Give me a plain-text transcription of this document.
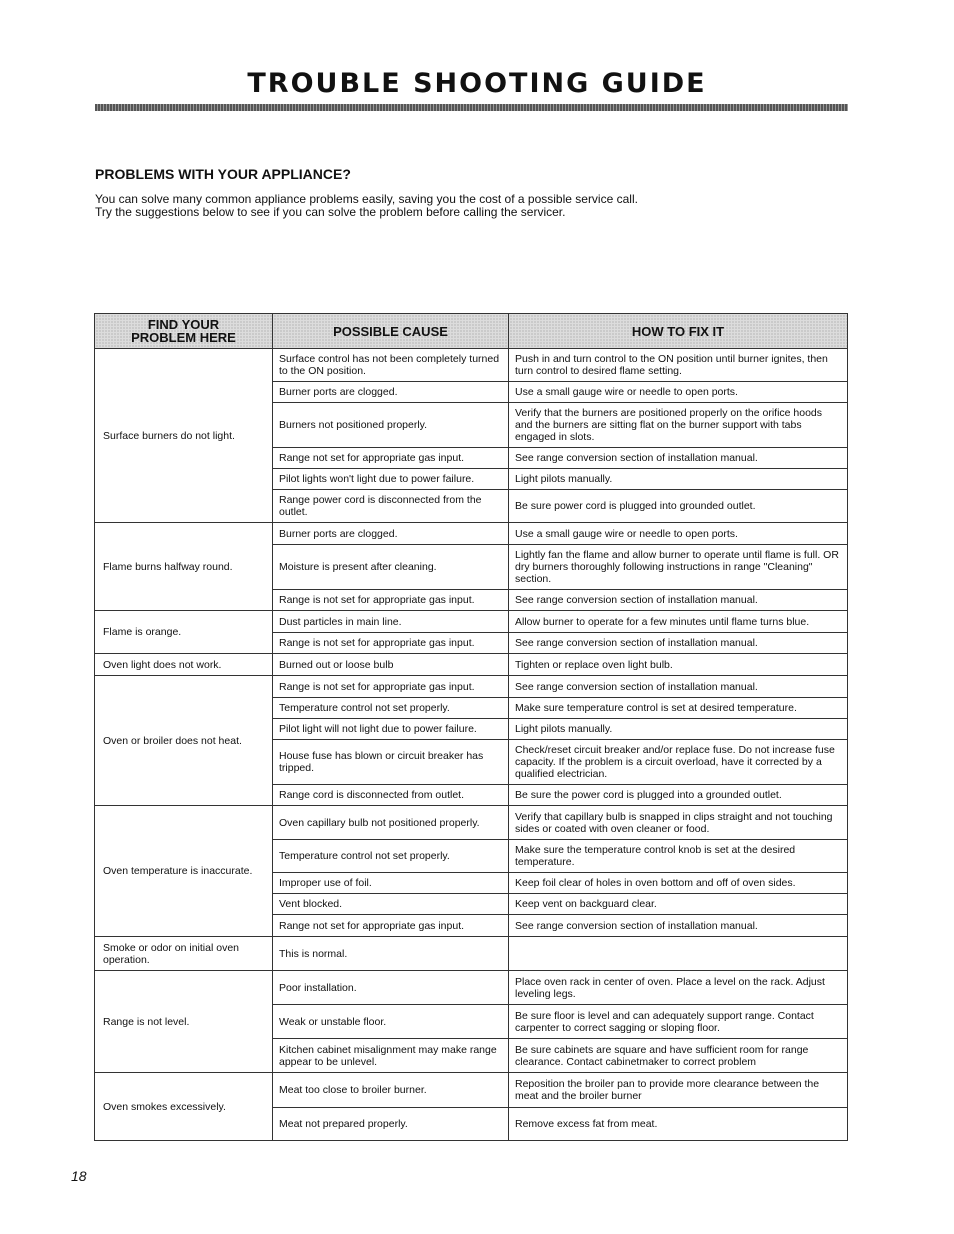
TROUBLE SHOOTING GUIDE
PROBLEMS WITH YOUR APPLIANCE?
You can solve many common appliance problems easily, saving you the cost of a possible service call.
Try the suggestions below to see if you can solve the problem before calling the servicer.
FIND YOUR PROBLEM HERE	POSSIBLE CAUSE	HOW TO FIX IT
Surface burners do not light.	Surface control has not been completely turned to the ON position.	Push in and turn control to the ON position until burner ignites, then turn control to desired flame setting.
	Burner ports are clogged.	Use a small gauge wire or needle to open ports.
	Burners not positioned properly.	Verify that the burners are positioned properly on the orifice hoods and the burners are sitting flat on the burner support with tabs engaged in slots.
	Range not set for appropriate gas input.	See range conversion section of installation manual.
	Pilot lights won't light due to power failure.	Light pilots manually.
	Range power cord is disconnected from the outlet.	Be sure power cord is plugged into grounded outlet.
Flame burns halfway round.	Burner ports are clogged.	Use a small gauge wire or needle to open ports.
	Moisture is present after cleaning.	Lightly fan the flame and allow burner to operate until flame is full. OR dry burners thoroughly following instructions in range "Cleaning" section.
	Range is not set for appropriate gas input.	See range conversion section of installation manual.
Flame is orange.	Dust particles in main line.	Allow burner to operate for a few minutes until flame turns blue.
	Range is not set for appropriate gas input.	See range conversion section of installation manual.
Oven light does not work.	Burned out or loose bulb	Tighten or replace oven light bulb.
Oven or broiler does not heat.	Range is not set for appropriate gas input.	See range conversion section of installation manual.
	Temperature control not set properly.	Make sure temperature control is set at desired temperature.
	Pilot light will not light due to power failure.	Light pilots manually.
	House fuse has blown or circuit breaker has tripped.	Check/reset circuit breaker and/or replace fuse. Do not increase fuse capacity. If the problem is a circuit overload, have it corrected by a qualified electrician.
	Range cord is disconnected from outlet.	Be sure the power cord is plugged into a grounded outlet.
Oven temperature is inaccurate.	Oven capillary bulb not positioned properly.	Verify that capillary bulb is snapped in clips straight and not touching sides or coated with oven cleaner or food.
	Temperature control not set properly.	Make sure the temperature control knob is set at the desired temperature.
	Improper use of foil.	Keep foil clear of holes in oven bottom and off of oven sides.
	Vent blocked.	Keep vent on backguard clear.
	Range not set for appropriate gas input.	See range conversion section of installation manual.
Smoke or odor on initial oven operation.	This is normal.	
Range is not level.	Poor installation.	Place oven rack in center of oven. Place a level on the rack. Adjust leveling legs.
	Weak or unstable floor.	Be sure floor is level and can adequately support range. Contact carpenter to correct sagging or sloping floor.
	Kitchen cabinet misalignment may make range appear to be unlevel.	Be sure cabinets are square and have sufficient room for range clearance. Contact cabinetmaker to correct problem
Oven smokes excessively.	Meat too close to broiler burner.	Reposition the broiler pan to provide more clearance between the meat and the broiler burner
	Meat not prepared properly.	Remove excess fat from meat.
18
